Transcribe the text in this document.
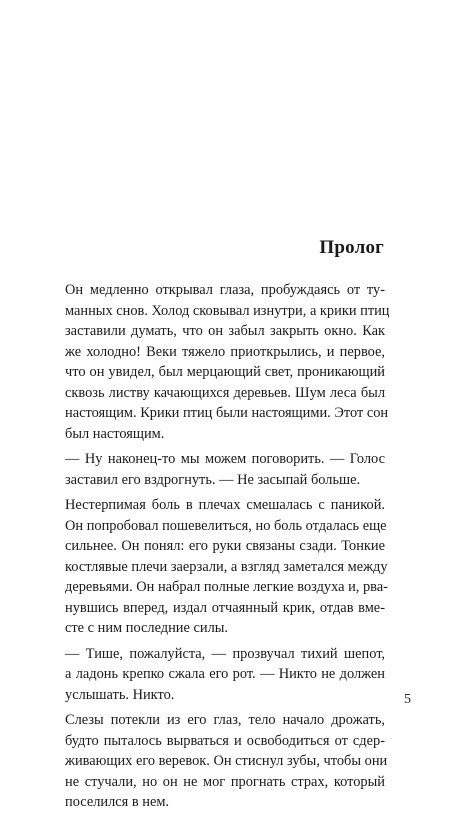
Пролог

Он медленно открывал глаза, пробуждаясь от ту-
манных снов. Холод сковывал изнутри, а крики птиц
заставили думать, что он забыл закрыть окно. Как
же холодно! Веки тяжело приоткрылись, и первое,
что он увидел, был мерцающий свет, проникающий
сквозь листву качающихся деревьев. Шум леса был
настоящим. Крики птиц были настоящими. Этот сон
был настоящим.

— Ну наконец-то мы можем поговорить. — Голос
заставил его вздрогнуть. — Не засыпай больше.

Нестерпимая боль в плечах смешалась с паникой.
Он попробовал пошевелиться, но боль отдалась еще
сильнее. Он понял: его руки связаны сзади. Тонкие
костлявые плечи заерзали, а взгляд заметался между
деревьями. Он набрал полные легкие воздуха и, рва-
нувшись вперед, издал отчаянный крик, отдав вме-
сте с ним последние силы.

— Тише, пожалуйста, — прозвучал тихий шепот,
а ладонь крепко сжала его рот. — Никто не должен
услышать. Никто.

Слезы потекли из его глаз, тело начало дрожать,
будто пыталось вырваться и освободиться от сдер-
живающих его веревок. Он стиснул зубы, чтобы они
не стучали, но он не мог прогнать страх, который
поселился в нем.

5
